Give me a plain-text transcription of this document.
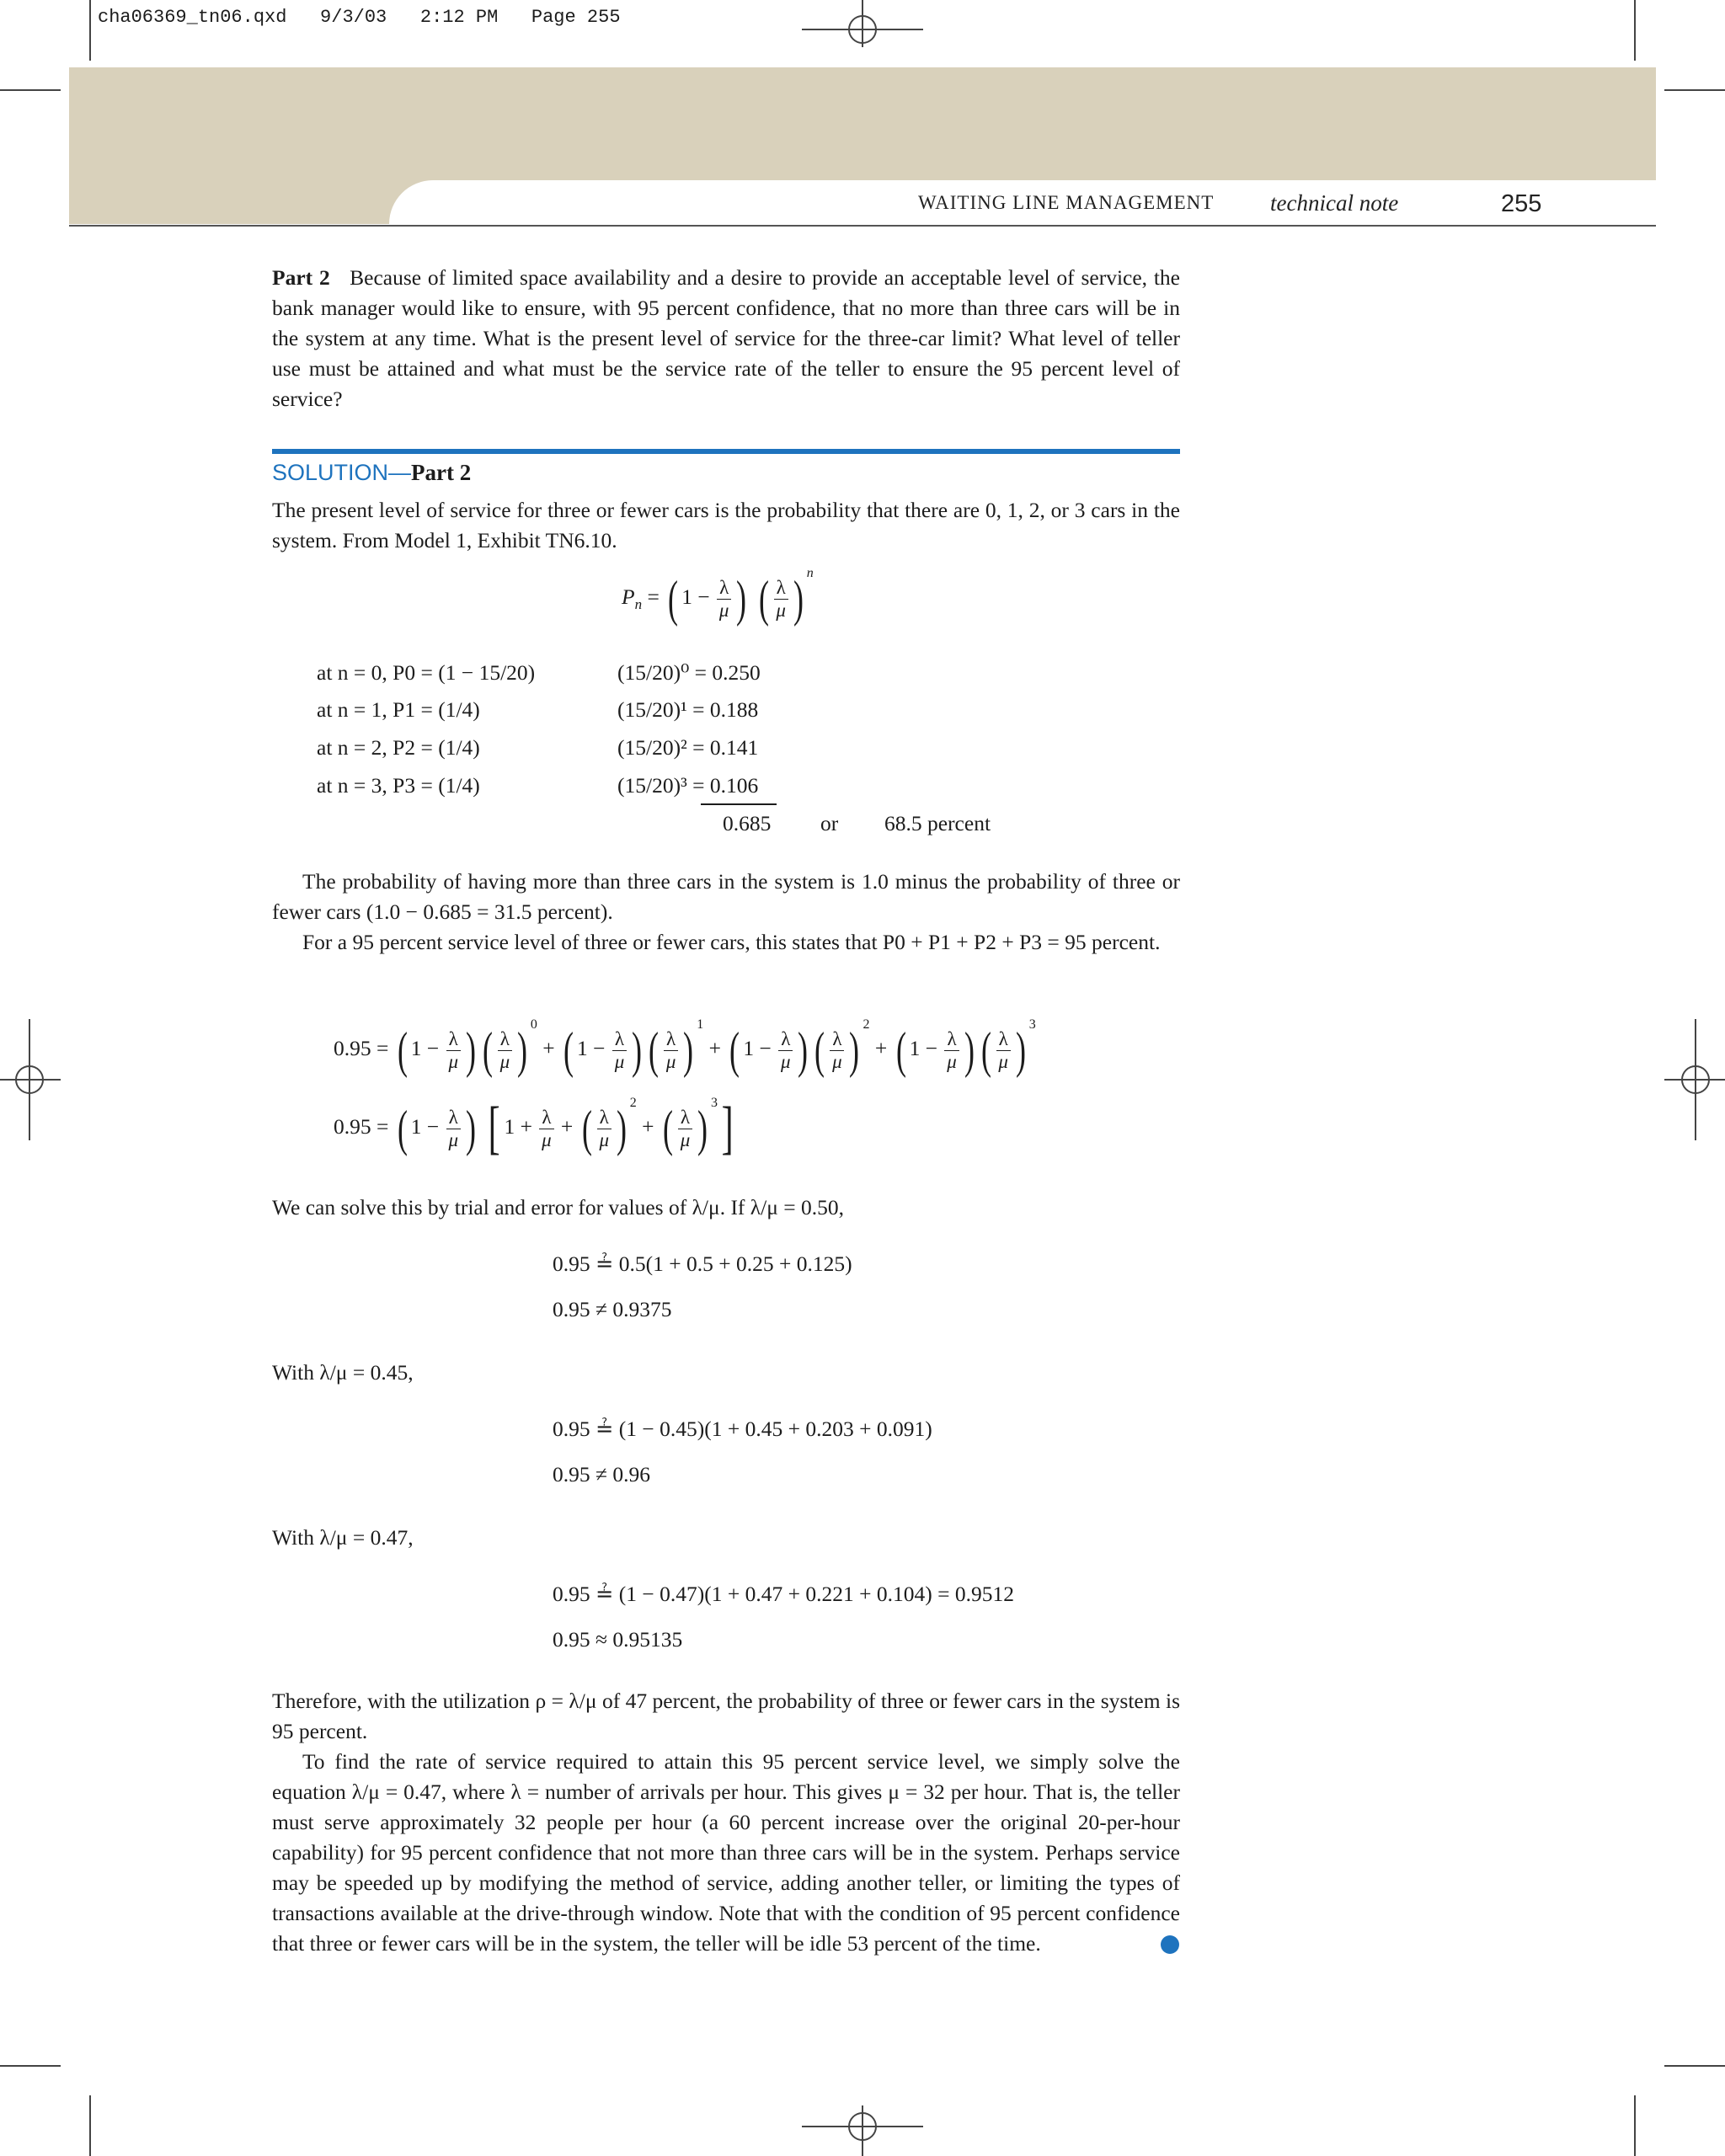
cha06369_tn06.qxd 9/3/03 2:12 PM Page 255
WAITING LINE MANAGEMENT technical note	255
Part 2 Because of limited space availability and a desire to provide an acceptable level of service, the bank manager would like to ensure, with 95 percent confidence, that no more than three cars will be in the system at any time. What is the present level of service for the three-car limit? What level of teller use must be attained and what must be the service rate of the teller to ensure the 95 percent level of service?
SOLUTION—Part 2
The present level of service for three or fewer cars is the probability that there are 0, 1, 2, or 3 cars in the system. From Model 1, Exhibit TN6.10.
$P_n$ = ( $1 - \frac{\lambda}{\mu}$ ) ( $\frac{\lambda}{\mu}$ ) $^n$
at n = 0, P0 = (1 − 15/20)	(15/20)⁰ = 0.250
at n = 1, P1 = (1/4)	(15/20)¹ = 0.188
at n = 2, P2 = (1/4)	(15/20)² = 0.141
at n = 3, P3 = (1/4)	(15/20)³ = 0.106
0.685 or 68.5 percent
The probability of having more than three cars in the system is 1.0 minus the probability of three or fewer cars (1.0 − 0.685 = 31.5 percent).
For a 95 percent service level of three or fewer cars, this states that P0 + P1 + P2 + P3 = 95 percent.
0.95 = ( $1 - \frac{\lambda}{\mu}$ ) ( $\frac{\lambda}{\mu}$ ) $^0$ + ( $1 - \frac{\lambda}{\mu}$ ) ( $\frac{\lambda}{\mu}$ ) $^1$ + ( $1 - \frac{\lambda}{\mu}$ ) ( $\frac{\lambda}{\mu}$ ) $^2$ + ( $1 - \frac{\lambda}{\mu}$ ) ( $\frac{\lambda}{\mu}$ ) $^3$
0.95 = ( $1 - \frac{\lambda}{\mu}$ ) [ $1 + \frac{\lambda}{\mu}$ + ( $\frac{\lambda}{\mu}$ ) $^2$ + ( $\frac{\lambda}{\mu}$ ) $^3$]
We can solve this by trial and error for values of λ/μ. If λ/μ = 0.50,
0.95 ≟ 0.5(1 + 0.5 + 0.25 + 0.125)
0.95 ≠ 0.9375
With λ/μ = 0.45,
0.95 ≟ (1 − 0.45)(1 + 0.45 + 0.203 + 0.091)
0.95 ≠ 0.96
With λ/μ = 0.47,
0.95 ≟ (1 − 0.47)(1 + 0.47 + 0.221 + 0.104) = 0.9512
0.95 ≈ 0.95135
Therefore, with the utilization ρ = λ/μ of 47 percent, the probability of three or fewer cars in the system is 95 percent.
To find the rate of service required to attain this 95 percent service level, we simply solve the equation λ/μ = 0.47, where λ = number of arrivals per hour. This gives μ = 32 per hour. That is, the teller must serve approximately 32 people per hour (a 60 percent increase over the original 20-per-hour capability) for 95 percent confidence that not more than three cars will be in the system. Perhaps service may be speeded up by modifying the method of service, adding another teller, or limiting the types of transactions available at the drive-through window. Note that with the condition of 95 percent confidence that three or fewer cars will be in the system, the teller will be idle 53 percent of the time.
